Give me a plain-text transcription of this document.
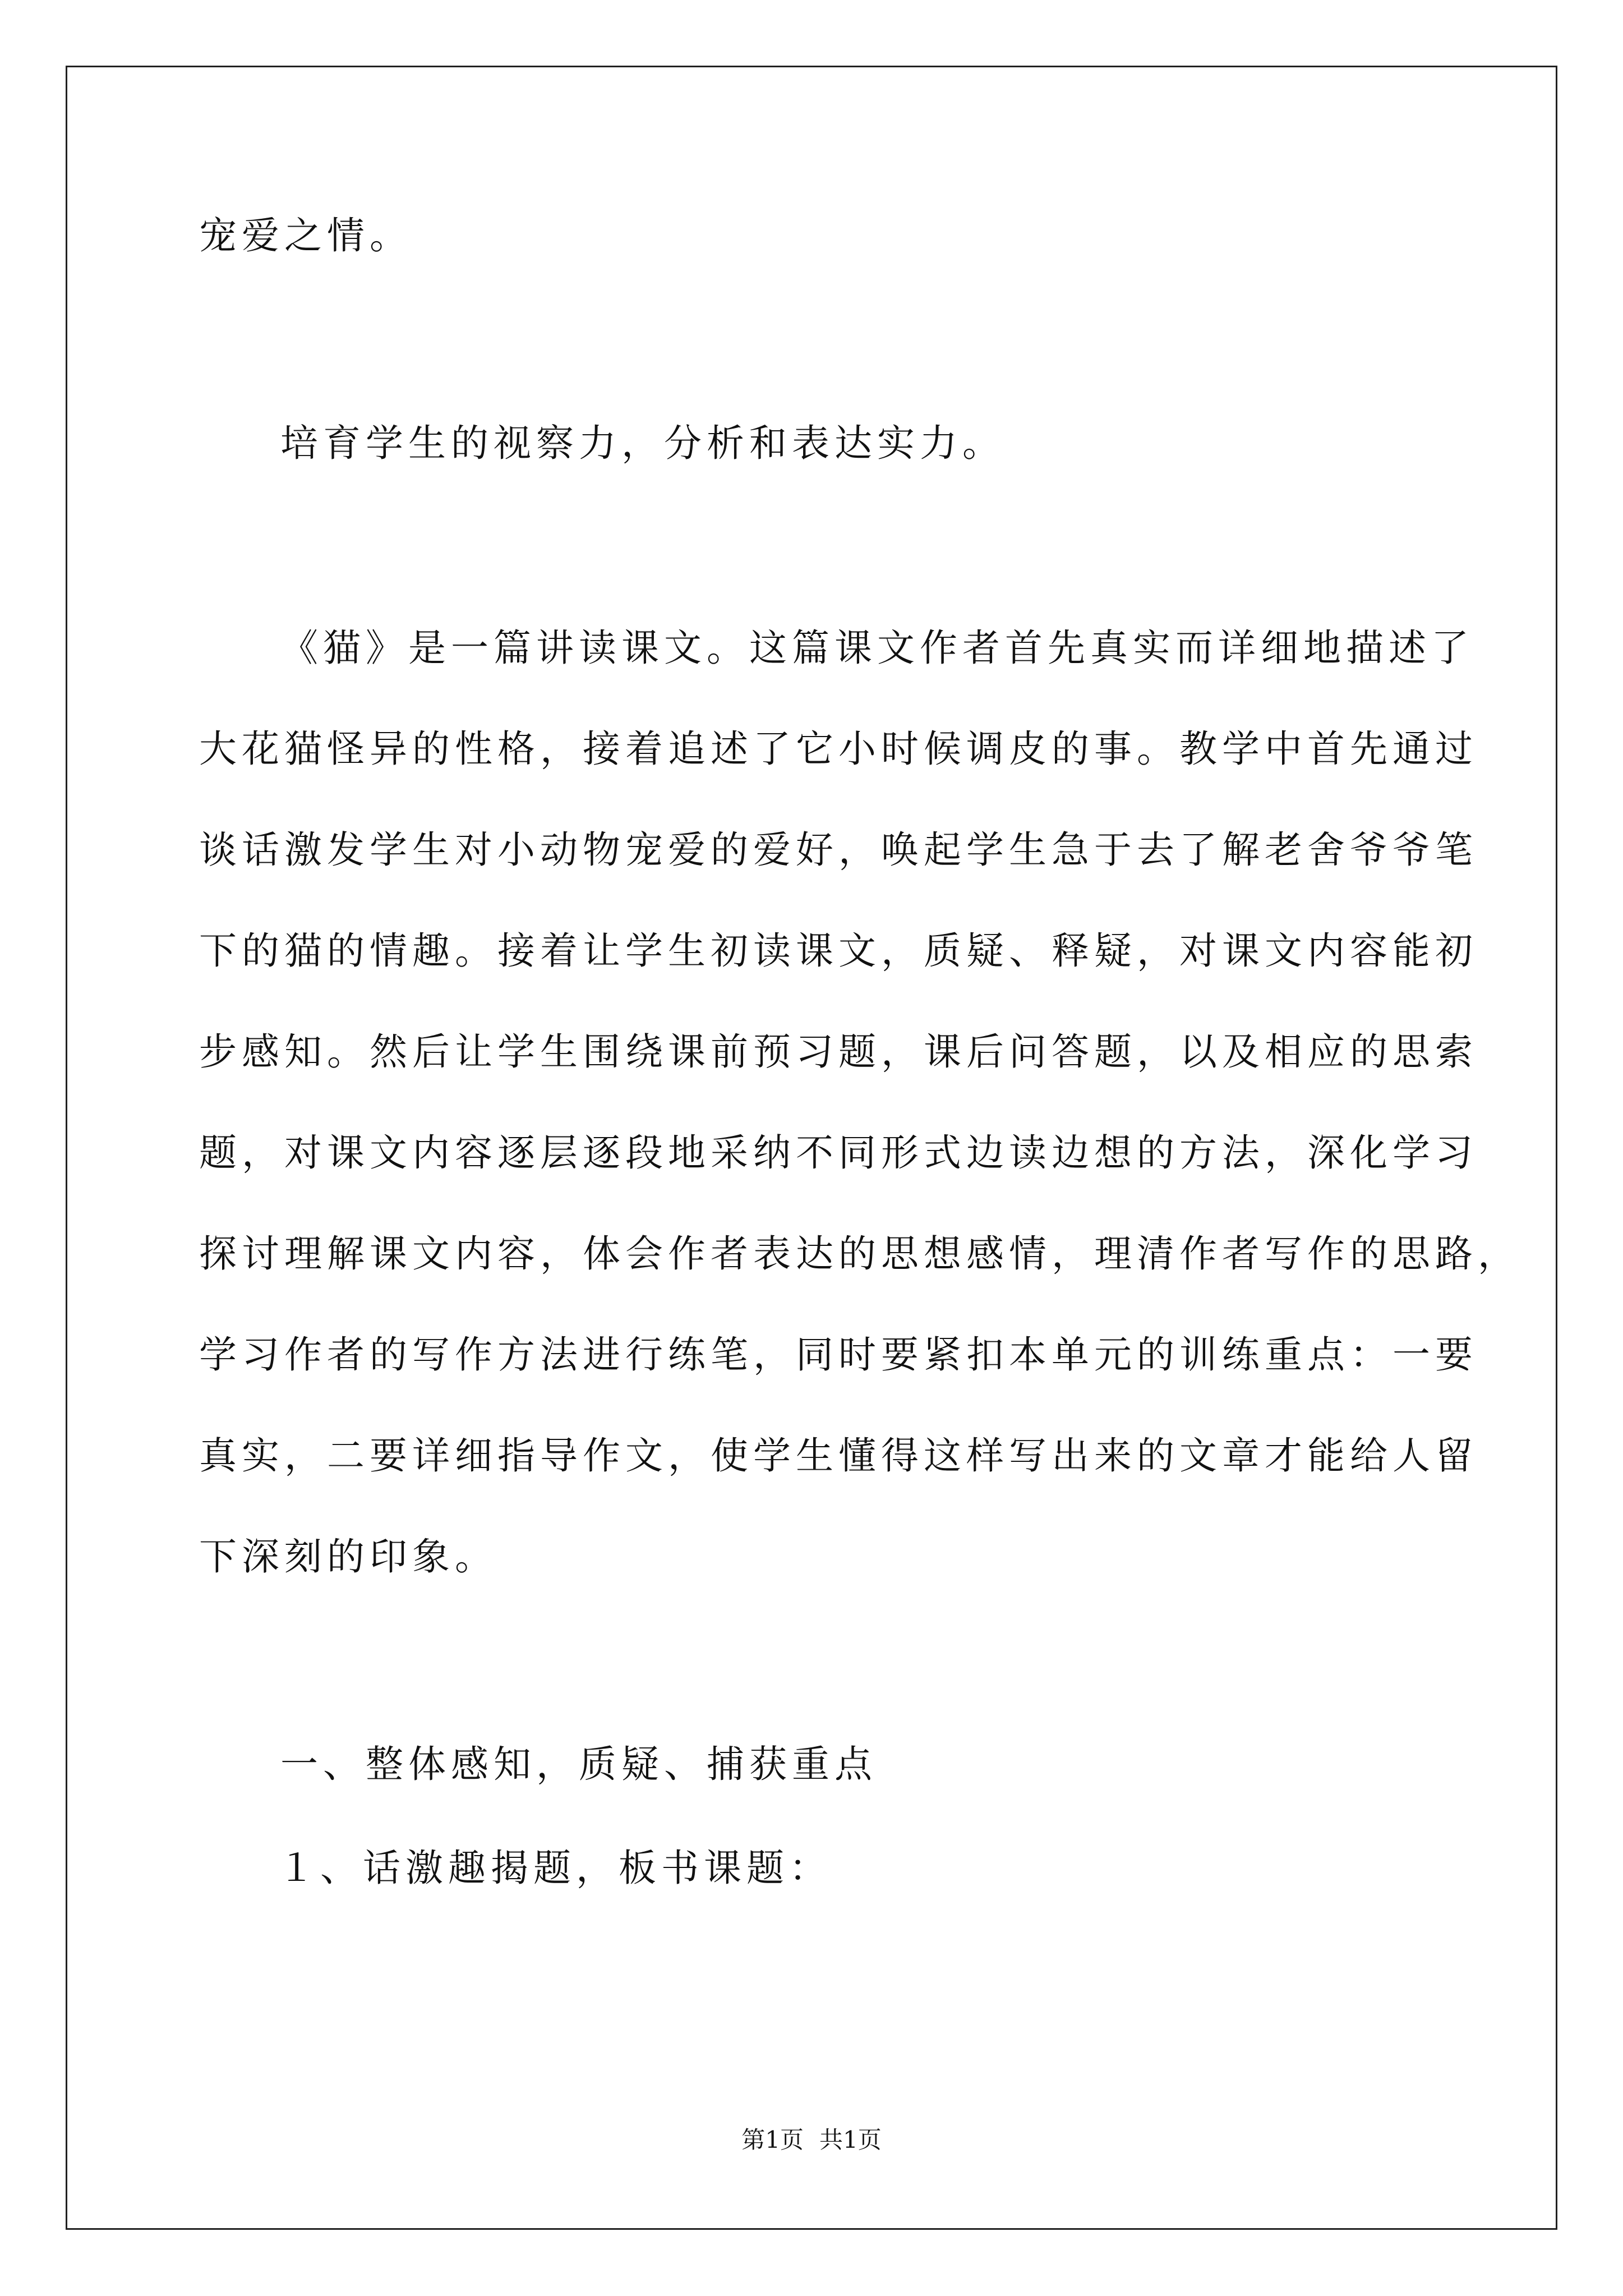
宠爱之情。
培育学生的视察力，分析和表达实力。
《猫》是一篇讲读课文。这篇课文作者首先真实而详细地描述了
大花猫怪异的性格，接着追述了它小时候调皮的事。教学中首先通过
谈话激发学生对小动物宠爱的爱好，唤起学生急于去了解老舍爷爷笔
下的猫的情趣。接着让学生初读课文，质疑、释疑，对课文内容能初
步感知。然后让学生围绕课前预习题，课后问答题，以及相应的思索
题，对课文内容逐层逐段地采纳不同形式边读边想的方法，深化学习
探讨理解课文内容，体会作者表达的思想感情，理清作者写作的思路，
学习作者的写作方法进行练笔，同时要紧扣本单元的训练重点：一要
真实，二要详细指导作文，使学生懂得这样写出来的文章才能给人留
下深刻的印象。
一、整体感知，质疑、捕获重点
１、话激趣揭题，板书课题：
第1页 共1页
